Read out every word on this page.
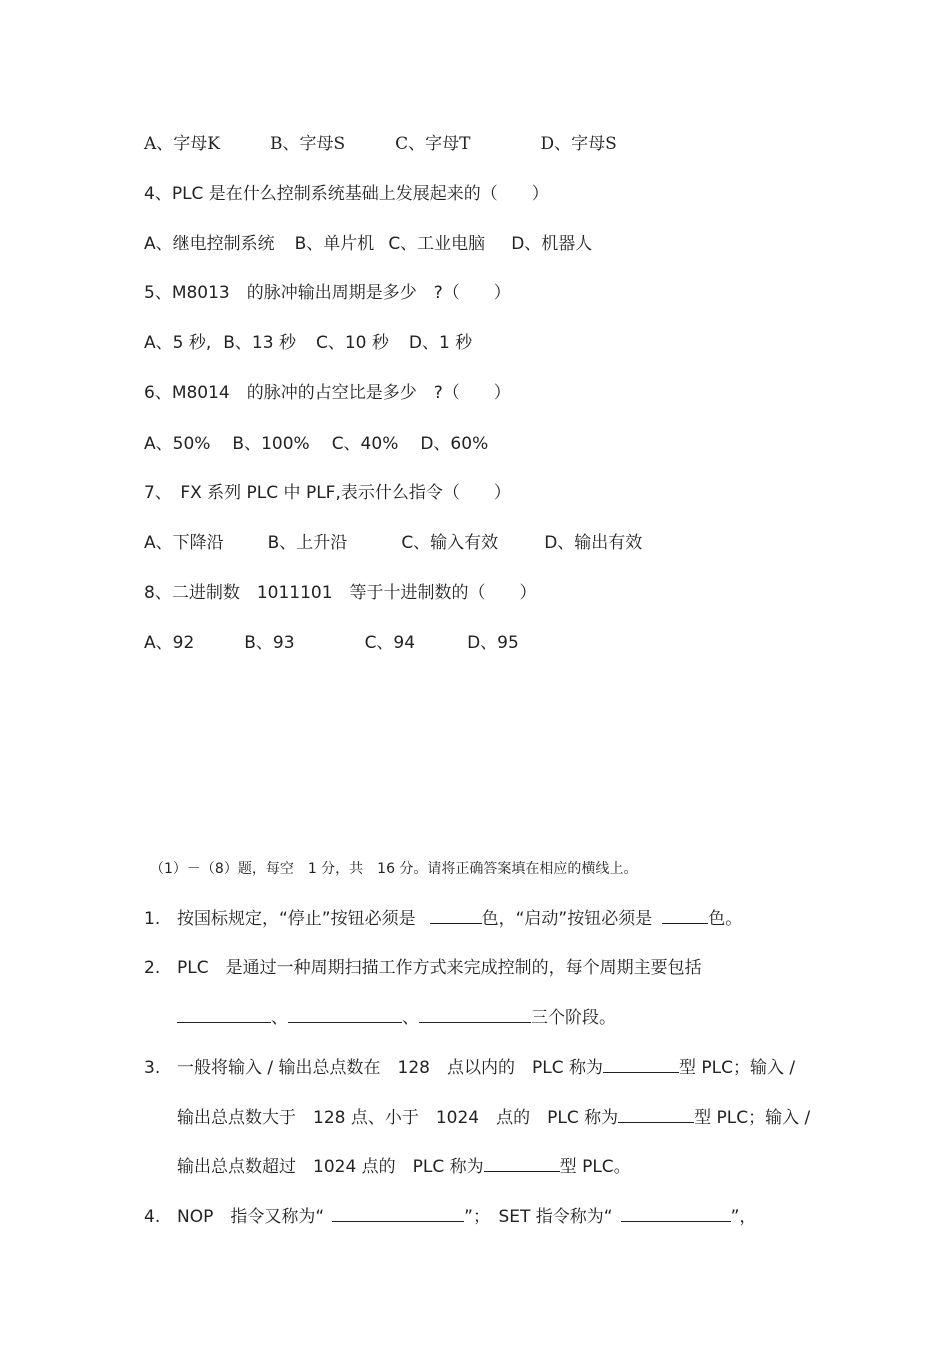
A、字母K	B、字母S	C、字母T	D、字母S
4、PLC 是在什么控制系统基础上发展起来的（　　）
A、继电控制系统 B、单片机 C、工业电脑 D、机器人
5、M8013　的脉冲输出周期是多少　?（　　）
A、5 秒, B、13 秒 C、10 秒 D、1 秒
6、M8014　的脉冲的占空比是多少　?（　　）
A、50% B、100% C、40% D、60%
7、　FX 系列 PLC 中 PLF,表示什么指令（　　）
A、下降沿	B、上升沿	C、输入有效	D、输出有效
8、二进制数　1011101　等于十进制数的（　　）
A、92	B、93	C、94	D、95
（1）－（8）题，每空　1 分，共　16 分。请将正确答案填在相应的横线上。
1. 按国标规定，“停止”按钮必须是	色，“启动”按钮必须是	色。
2. PLC　是通过一种周期扫描工作方式来完成控制的，每个周期主要包括
、	、	三个阶段。
3. 一般将输入 / 输出总点数在　128　点以内的　PLC 称为	型 PLC；输入 /
输出总点数大于　128 点、小于　1024　点的　PLC 称为	型 PLC；输入 /
输出总点数超过　1024 点的　PLC 称为	型 PLC。
4. NOP　指令又称为“	”；　SET 指令称为“	”，
